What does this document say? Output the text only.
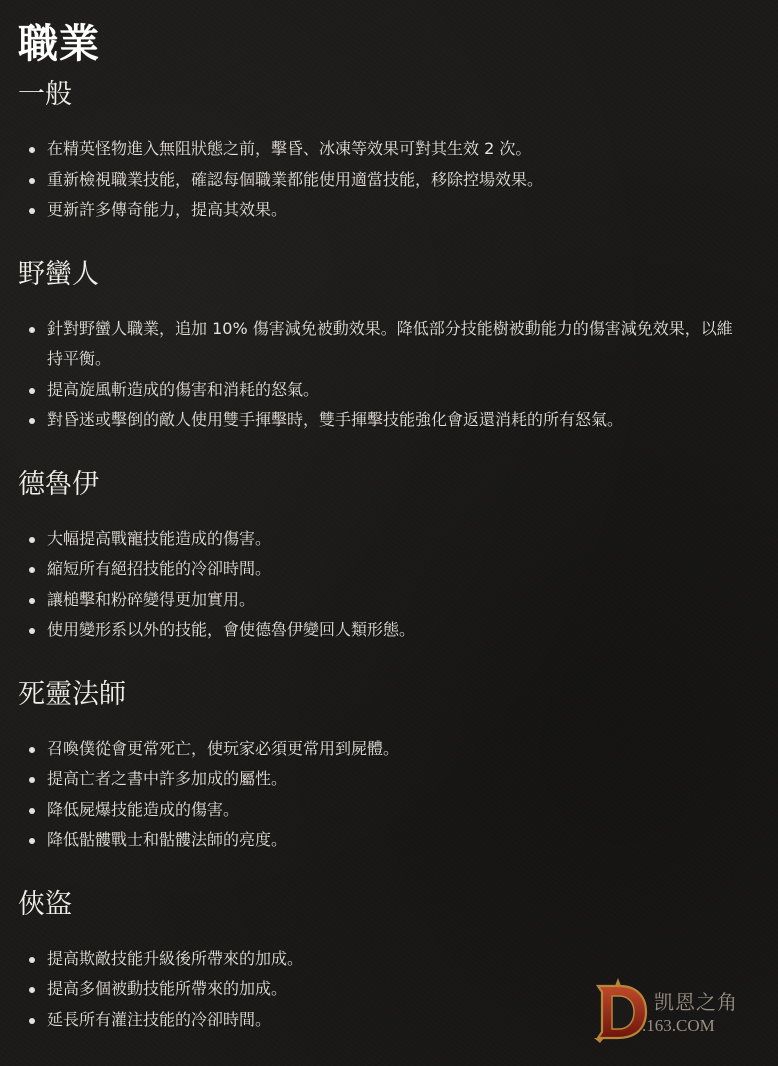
職業
一般
在精英怪物進入無阻狀態之前，擊昏、冰凍等效果可對其生效 2 次。
重新檢視職業技能，確認每個職業都能使用適當技能，移除控場效果。
更新許多傳奇能力，提高其效果。
野蠻人
針對野蠻人職業，追加 10% 傷害減免被動效果。降低部分技能樹被動能力的傷害減免效果，以維持平衡。
提高旋風斬造成的傷害和消耗的怒氣。
對昏迷或擊倒的敵人使用雙手揮擊時，雙手揮擊技能強化會返還消耗的所有怒氣。
德魯伊
大幅提高戰寵技能造成的傷害。
縮短所有絕招技能的冷卻時間。
讓槌擊和粉碎變得更加實用。
使用變形系以外的技能，會使德魯伊變回人類形態。
死靈法師
召喚僕從會更常死亡，使玩家必須更常用到屍體。
提高亡者之書中許多加成的屬性。
降低屍爆技能造成的傷害。
降低骷髏戰士和骷髏法師的亮度。
俠盜
提高欺敵技能升級後所帶來的加成。
提高多個被動技能所帶來的加成。
延長所有灌注技能的冷卻時間。
凯恩之角
.163.COM
